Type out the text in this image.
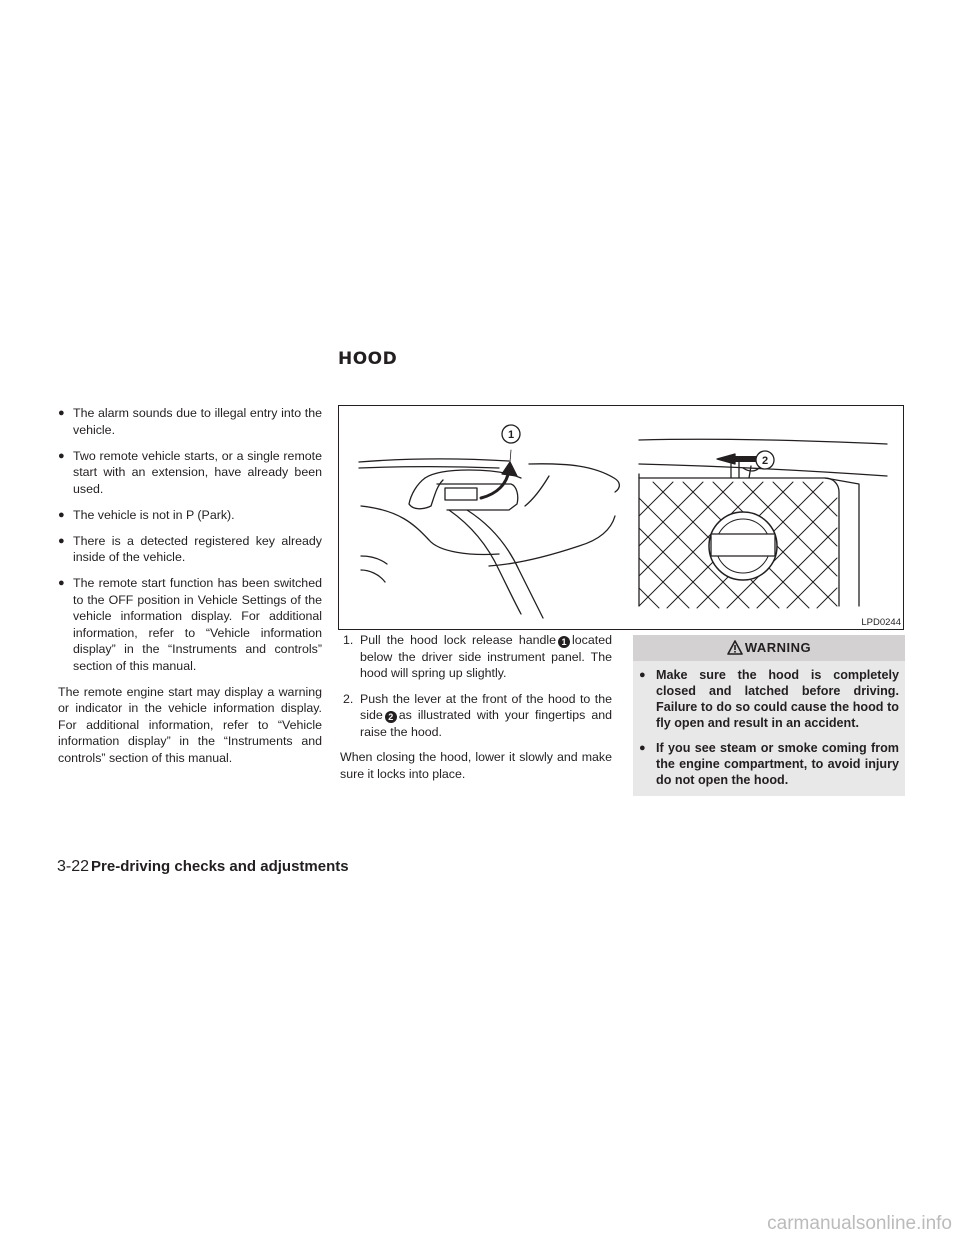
HOOD
● The alarm sounds due to illegal entry into the vehicle.
● Two remote vehicle starts, or a single remote start with an extension, have already been used.
● The vehicle is not in P (Park).
● There is a detected registered key already inside of the vehicle.
● The remote start function has been switched to the OFF position in Vehicle Settings of the vehicle information display. For additional information, refer to “Vehicle information display” in the “Instruments and controls” section of this manual.

The remote engine start may display a warning or indicator in the vehicle information display. For additional information, refer to “Vehicle information display” in the “Instruments and controls” section of this manual.

1
2
LPD0244
1. Pull the hood lock release handle 1 located below the driver side instrument panel. The hood will spring up slightly.
2. Push the lever at the front of the hood to the side 2 as illustrated with your fingertips and raise the hood.

When closing the hood, lower it slowly and make sure it locks into place.

WARNING
● Make sure the hood is completely closed and latched before driving. Failure to do so could cause the hood to fly open and result in an accident.
● If you see steam or smoke coming from the engine compartment, to avoid injury do not open the hood.
3-22 Pre-driving checks and adjustments
carmanualsonline.info
